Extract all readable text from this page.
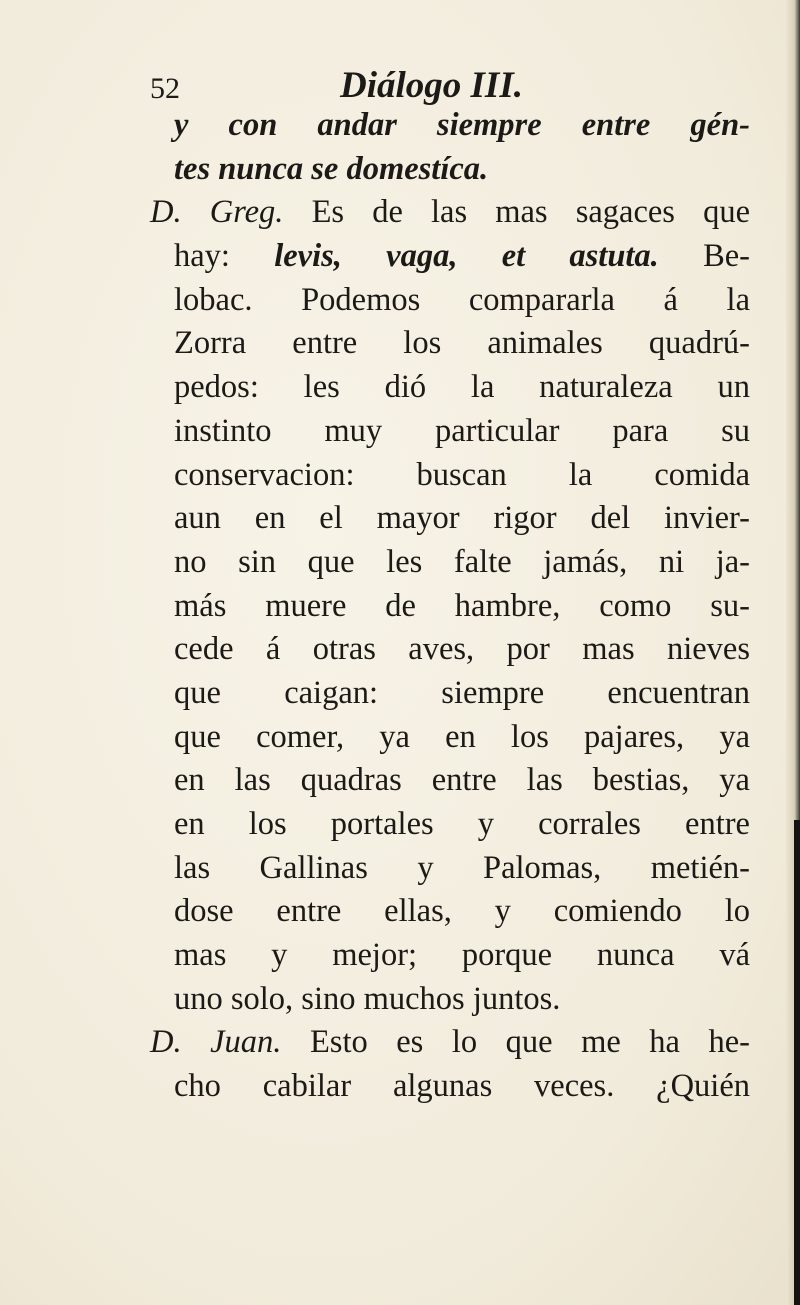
52	Diálogo III.
y con andar siempre entre gén-
tes nunca se domestíca.
D. Greg. Es de las mas sagaces que
hay: levis, vaga, et astuta. Be-
lobac. Podemos compararla á la
Zorra entre los animales quadrú-
pedos: les dió la naturaleza un
instinto muy particular para su
conservacion: buscan la comida
aun en el mayor rigor del invier-
no sin que les falte jamás, ni ja-
más muere de hambre, como su-
cede á otras aves, por mas nieves
que caigan: siempre encuentran
que comer, ya en los pajares, ya
en las quadras entre las bestias, ya
en los portales y corrales entre
las Gallinas y Palomas, metién-
dose entre ellas, y comiendo lo
mas y mejor; porque nunca vá
uno solo, sino muchos juntos.
D. Juan. Esto es lo que me ha he-
cho cabilar algunas veces. ¿Quién
